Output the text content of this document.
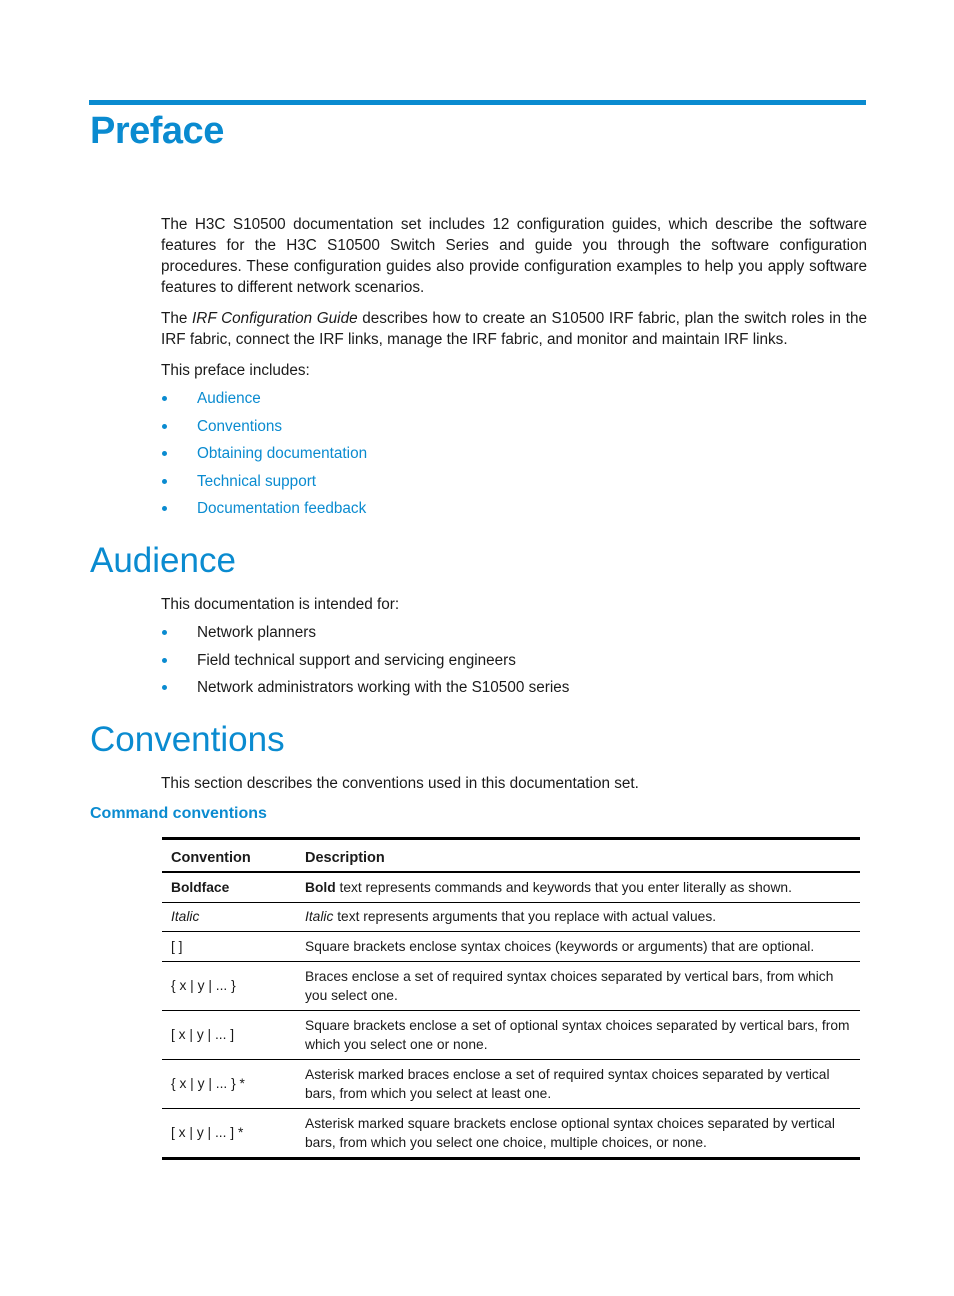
Preface

The H3C S10500 documentation set includes 12 configuration guides, which describe the software features for the H3C S10500 Switch Series and guide you through the software configuration procedures. These configuration guides also provide configuration examples to help you apply software features to different network scenarios.

The IRF Configuration Guide describes how to create an S10500 IRF fabric, plan the switch roles in the IRF fabric, connect the IRF links, manage the IRF fabric, and monitor and maintain IRF links.

This preface includes:

Audience
Conventions
Obtaining documentation
Technical support
Documentation feedback
Audience

This documentation is intended for:

Network planners
Field technical support and servicing engineers
Network administrators working with the S10500 series
Conventions

This section describes the conventions used in this documentation set.

Command conventions
Convention	Description
Boldface	Bold text represents commands and keywords that you enter literally as shown.
Italic	Italic text represents arguments that you replace with actual values.
[ ]	Square brackets enclose syntax choices (keywords or arguments) that are optional.
{ x | y | ... }	Braces enclose a set of required syntax choices separated by vertical bars, from which you select one.
[ x | y | ... ]	Square brackets enclose a set of optional syntax choices separated by vertical bars, from which you select one or none.
{ x | y | ... } *	Asterisk marked braces enclose a set of required syntax choices separated by vertical bars, from which you select at least one.
[ x | y | ... ] *	Asterisk marked square brackets enclose optional syntax choices separated by vertical bars, from which you select one choice, multiple choices, or none.
